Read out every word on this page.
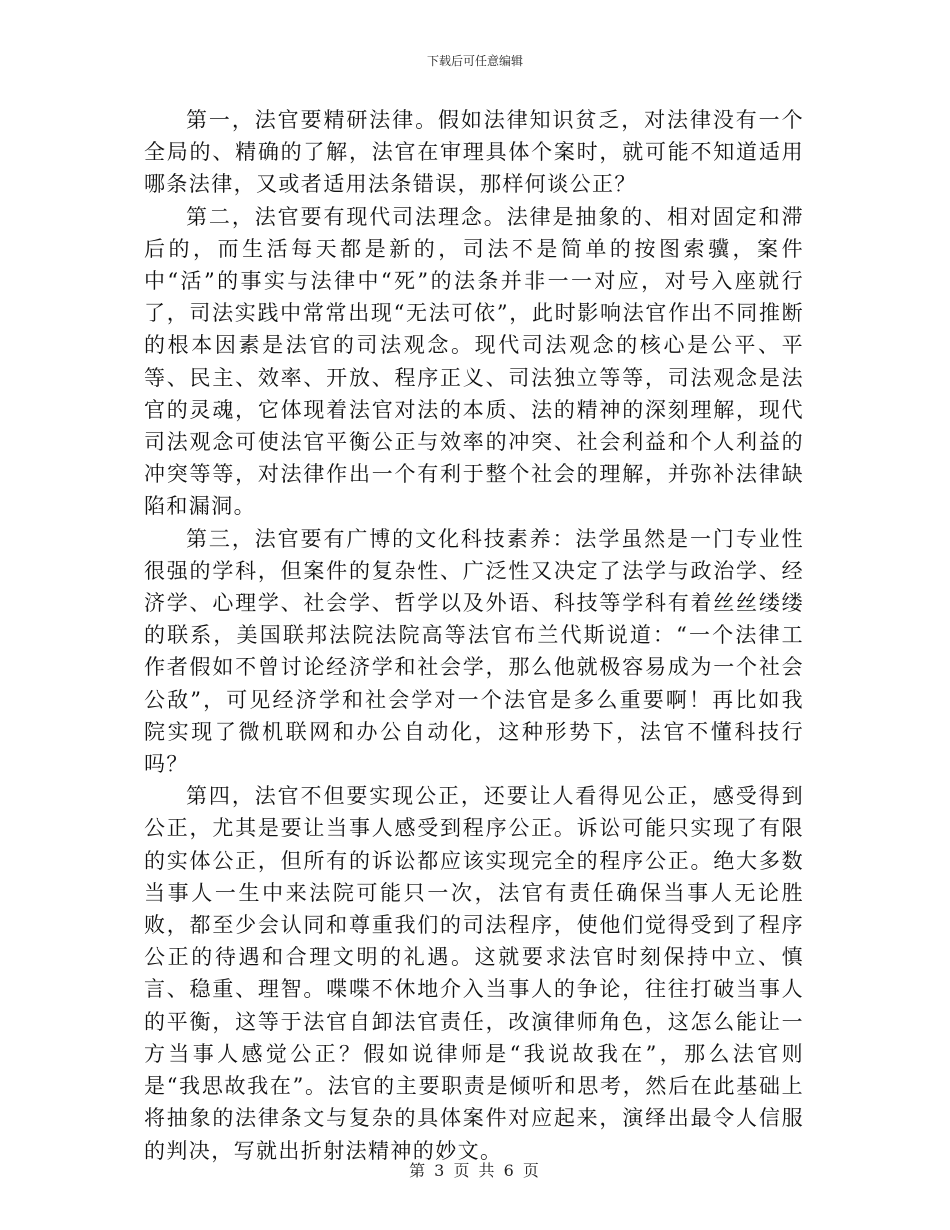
下载后可任意编辑

第一，法官要精研法律。假如法律知识贫乏，对法律没有一个全局的、精确的了解，法官在审理具体个案时，就可能不知道适用哪条法律，又或者适用法条错误，那样何谈公正？

第二，法官要有现代司法理念。法律是抽象的、相对固定和滞后的，而生活每天都是新的，司法不是简单的按图索骥，案件中“活”的事实与法律中“死”的法条并非一一对应，对号入座就行了，司法实践中常常出现“无法可依”，此时影响法官作出不同推断的根本因素是法官的司法观念。现代司法观念的核心是公平、平等、民主、效率、开放、程序正义、司法独立等等，司法观念是法官的灵魂，它体现着法官对法的本质、法的精神的深刻理解，现代司法观念可使法官平衡公正与效率的冲突、社会利益和个人利益的冲突等等，对法律作出一个有利于整个社会的理解，并弥补法律缺陷和漏洞。

第三，法官要有广博的文化科技素养：法学虽然是一门专业性很强的学科，但案件的复杂性、广泛性又决定了法学与政治学、经济学、心理学、社会学、哲学以及外语、科技等学科有着丝丝缕缕的联系，美国联邦法院法院高等法官布兰代斯说道：“一个法律工作者假如不曾讨论经济学和社会学，那么他就极容易成为一个社会公敌”，可见经济学和社会学对一个法官是多么重要啊！再比如我院实现了微机联网和办公自动化，这种形势下，法官不懂科技行吗？

第四，法官不但要实现公正，还要让人看得见公正，感受得到公正，尤其是要让当事人感受到程序公正。诉讼可能只实现了有限的实体公正，但所有的诉讼都应该实现完全的程序公正。绝大多数当事人一生中来法院可能只一次，法官有责任确保当事人无论胜败，都至少会认同和尊重我们的司法程序，使他们觉得受到了程序公正的待遇和合理文明的礼遇。这就要求法官时刻保持中立、慎言、稳重、理智。喋喋不休地介入当事人的争论，往往打破当事人的平衡，这等于法官自卸法官责任，改演律师角色，这怎么能让一方当事人感觉公正？假如说律师是“我说故我在”，那么法官则是“我思故我在”。法官的主要职责是倾听和思考，然后在此基础上将抽象的法律条文与复杂的具体案件对应起来，演绎出最令人信服的判决，写就出折射法精神的妙文。

第 3 页 共 6 页
